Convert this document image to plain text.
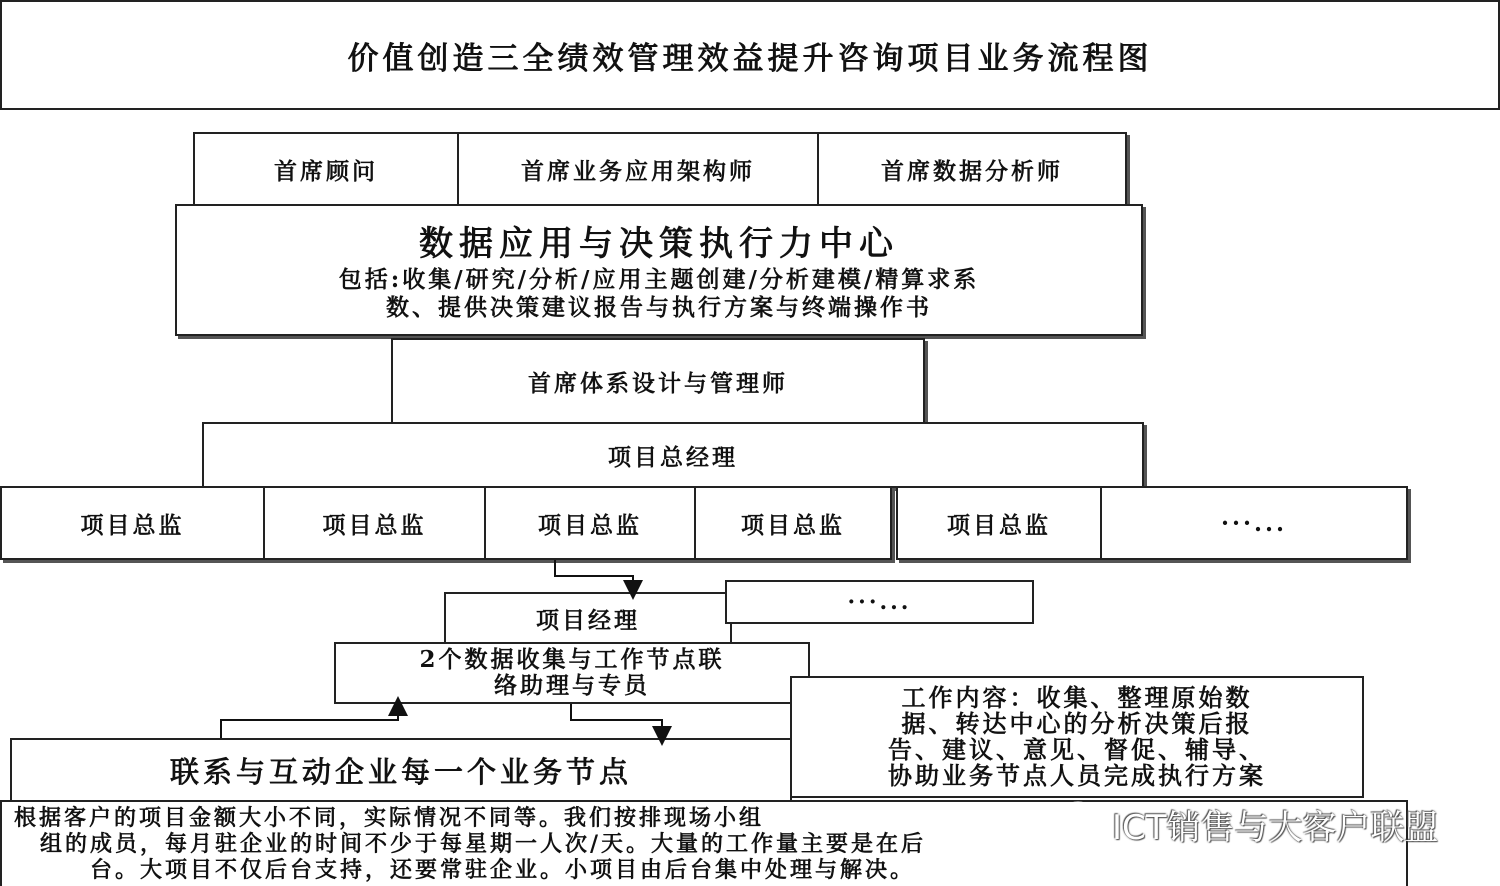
价值创造三全绩效管理效益提升咨询项目业务流程图
首席顾问	首席业务应用架构师	首席数据分析师
数据应用与决策执行力中心
包括:收集/研究/分析/应用主题创建/分析建模/精算求系
数、提供决策建议报告与执行方案与终端操作书
首席体系设计与管理师
项目总经理
项目总监	项目总监	项目总监	项目总监	项目总监	···...
项目经理
···...
2个数据收集与工作节点联
络助理与专员	工作内容：收集、整理原始数
据、转达中心的分析决策后报
告、建议、意见、督促、辅导、
协助业务节点人员完成执行方案
联系与互动企业每一个业务节点
根据客户的项目金额大小不同，实际情况不同等。我们按排现场小组
组的成员，每月驻企业的时间不少于每星期一人次/天。大量的工作量主要是在后
台。大项目不仅后台支持，还要常驻企业。小项目由后台集中处理与解决。
ICT销售与大客户联盟
